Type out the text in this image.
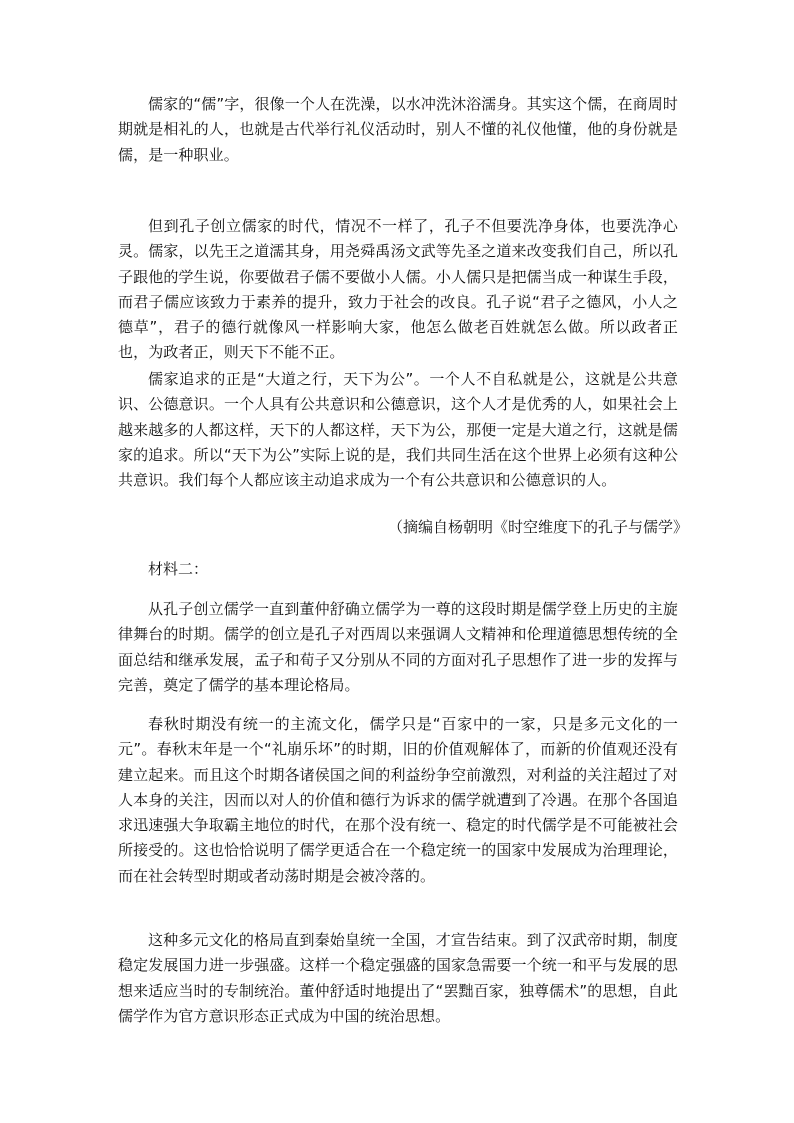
儒家的“儒”字，很像一个人在洗澡，以水冲洗沐浴濡身。其实这个儒，在商周时期就是相礼的人，也就是古代举行礼仪活动时，别人不懂的礼仪他懂，他的身份就是儒，是一种职业。

但到孔子创立儒家的时代，情况不一样了，孔子不但要洗净身体，也要洗净心灵。儒家，以先王之道濡其身，用尧舜禹汤文武等先圣之道来改变我们自己，所以孔子跟他的学生说，你要做君子儒不要做小人儒。小人儒只是把儒当成一种谋生手段，而君子儒应该致力于素养的提升，致力于社会的改良。孔子说“君子之德风，小人之德草”，君子的德行就像风一样影响大家，他怎么做老百姓就怎么做。所以政者正也，为政者正，则天下不能不正。

儒家追求的正是“大道之行，天下为公”。一个人不自私就是公，这就是公共意识、公德意识。一个人具有公共意识和公德意识，这个人才是优秀的人，如果社会上越来越多的人都这样，天下的人都这样，天下为公，那便一定是大道之行，这就是儒家的追求。所以“天下为公”实际上说的是，我们共同生活在这个世界上必须有这种公共意识。我们每个人都应该主动追求成为一个有公共意识和公德意识的人。

（摘编自杨朝明《时空维度下的孔子与儒学》

材料二：

从孔子创立儒学一直到董仲舒确立儒学为一尊的这段时期是儒学登上历史的主旋律舞台的时期。儒学的创立是孔子对西周以来强调人文精神和伦理道德思想传统的全面总结和继承发展，孟子和荀子又分别从不同的方面对孔子思想作了进一步的发挥与完善，奠定了儒学的基本理论格局。

春秋时期没有统一的主流文化，儒学只是“百家中的一家，只是多元文化的一元”。春秋末年是一个“礼崩乐坏”的时期，旧的价值观解体了，而新的价值观还没有建立起来。而且这个时期各诸侯国之间的利益纷争空前激烈，对利益的关注超过了对人本身的关注，因而以对人的价值和德行为诉求的儒学就遭到了冷遇。在那个各国追求迅速强大争取霸主地位的时代，在那个没有统一、稳定的时代儒学是不可能被社会所接受的。这也恰恰说明了儒学更适合在一个稳定统一的国家中发展成为治理理论，而在社会转型时期或者动荡时期是会被冷落的。

这种多元文化的格局直到秦始皇统一全国，才宣告结束。到了汉武帝时期，制度稳定发展国力进一步强盛。这样一个稳定强盛的国家急需要一个统一和平与发展的思想来适应当时的专制统治。董仲舒适时地提出了“罢黜百家，独尊儒术”的思想，自此儒学作为官方意识形态正式成为中国的统治思想。
